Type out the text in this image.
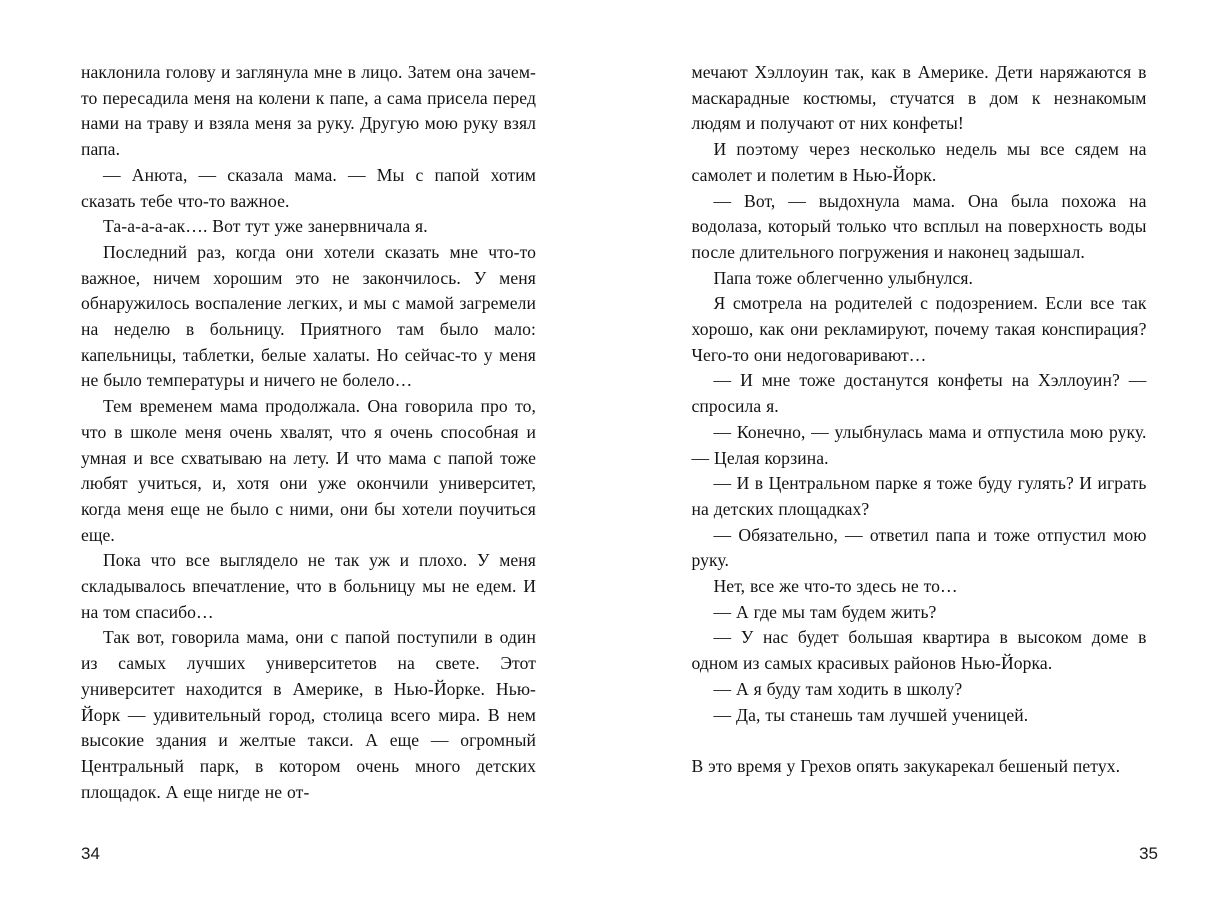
наклонила голову и заглянула мне в лицо. Затем она зачем-то пересадила меня на колени к папе, а сама присела перед нами на траву и взяла меня за руку. Другую мою руку взял папа.

— Анюта, — сказала мама. — Мы с папой хотим сказать тебе что-то важное.

Та-а-а-а-ак…. Вот тут уже занервничала я.

Последний раз, когда они хотели сказать мне что-то важное, ничем хорошим это не закончилось. У меня обнаружилось воспаление легких, и мы с мамой загремели на неделю в больницу. Приятного там было мало: капельницы, таблетки, белые халаты. Но сейчас-то у меня не было температуры и ничего не болело…

Тем временем мама продолжала. Она говорила про то, что в школе меня очень хвалят, что я очень способная и умная и все схватываю на лету. И что мама с папой тоже любят учиться, и, хотя они уже окончили университет, когда меня еще не было с ними, они бы хотели поучиться еще.

Пока что все выглядело не так уж и плохо. У меня складывалось впечатление, что в больницу мы не едем. И на том спасибо…

Так вот, говорила мама, они с папой поступили в один из самых лучших университетов на свете. Этот университет находится в Америке, в Нью-Йорке. Нью-Йорк — удивительный город, столица всего мира. В нем высокие здания и желтые такси. А еще — огромный Центральный парк, в котором очень много детских площадок. А еще нигде не от-

34

мечают Хэллоуин так, как в Америке. Дети наряжаются в маскарадные костюмы, стучатся в дом к незнакомым людям и получают от них конфеты!

И поэтому через несколько недель мы все сядем на самолет и полетим в Нью-Йорк.

— Вот, — выдохнула мама. Она была похожа на водолаза, который только что всплыл на поверхность воды после длительного погружения и наконец задышал.

Папа тоже облегченно улыбнулся.

Я смотрела на родителей с подозрением. Если все так хорошо, как они рекламируют, почему такая конспирация? Чего-то они недоговаривают…

— И мне тоже достанутся конфеты на Хэллоуин? — спросила я.

— Конечно, — улыбнулась мама и отпустила мою руку. — Целая корзина.

— И в Центральном парке я тоже буду гулять? И играть на детских площадках?

— Обязательно, — ответил папа и тоже отпустил мою руку.

Нет, все же что-то здесь не то…

— А где мы там будем жить?

— У нас будет большая квартира в высоком доме в одном из самых красивых районов Нью-Йорка.

— А я буду там ходить в школу?

— Да, ты станешь там лучшей ученицей.

В это время у Грехов опять закукарекал бешеный петух.

35
